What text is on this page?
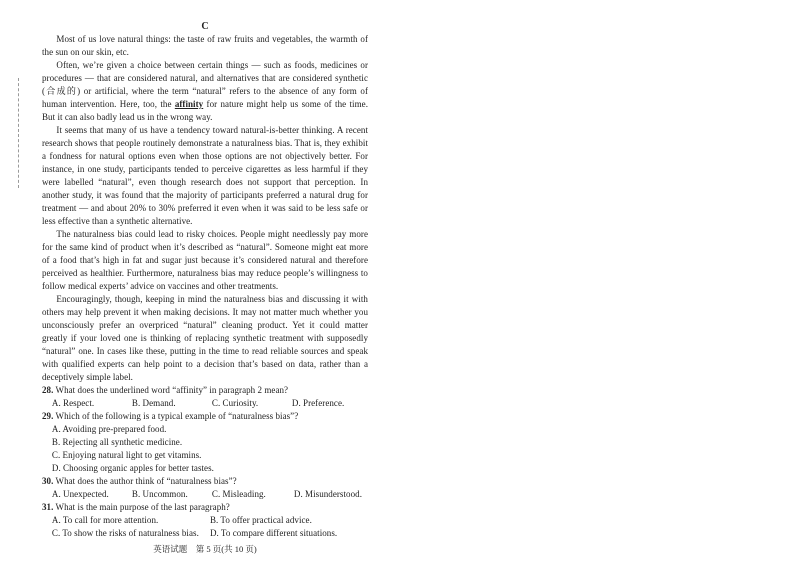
C

Most of us love natural things: the taste of raw fruits and vegetables, the warmth of the sun on our skin, etc.

Often, we’re given a choice between certain things — such as foods, medicines or procedures — that are considered natural, and alternatives that are considered synthetic (合成的) or artificial, where the term “natural” refers to the absence of any form of human intervention. Here, too, the affinity for nature might help us some of the time. But it can also badly lead us in the wrong way.

It seems that many of us have a tendency toward natural-is-better thinking. A recent research shows that people routinely demonstrate a naturalness bias. That is, they exhibit a fondness for natural options even when those options are not objectively better. For instance, in one study, participants tended to perceive cigarettes as less harmful if they were labelled “natural”, even though research does not support that perception. In another study, it was found that the majority of participants preferred a natural drug for treatment — and about 20% to 30% preferred it even when it was said to be less safe or less effective than a synthetic alternative.

The naturalness bias could lead to risky choices. People might needlessly pay more for the same kind of product when it’s described as “natural”. Someone might eat more of a food that’s high in fat and sugar just because it’s considered natural and therefore perceived as healthier. Furthermore, naturalness bias may reduce people’s willingness to follow medical experts’ advice on vaccines and other treatments.

Encouragingly, though, keeping in mind the naturalness bias and discussing it with others may help prevent it when making decisions. It may not matter much whether you unconsciously prefer an overpriced “natural” cleaning product. Yet it could matter greatly if your loved one is thinking of replacing synthetic treatment with supposedly “natural” one. In cases like these, putting in the time to read reliable sources and speak with qualified experts can help point to a decision that’s based on data, rather than a deceptively simple label.

28. What does the underlined word “affinity” in paragraph 2 mean?

A. Respect.	B. Demand.	C. Curiosity.	D. Preference.

29. Which of the following is a typical example of “naturalness bias”?

A. Avoiding pre-prepared food.
B. Rejecting all synthetic medicine.
C. Enjoying natural light to get vitamins.
D. Choosing organic apples for better tastes.

30. What does the author think of “naturalness bias”?

A. Unexpected.	B. Uncommon.	C. Misleading.	D. Misunderstood.

31. What is the main purpose of the last paragraph?

A. To call for more attention.	B. To offer practical advice.
C. To show the risks of naturalness bias.	D. To compare different situations.
英语试题　第 5 页(共 10 页)
